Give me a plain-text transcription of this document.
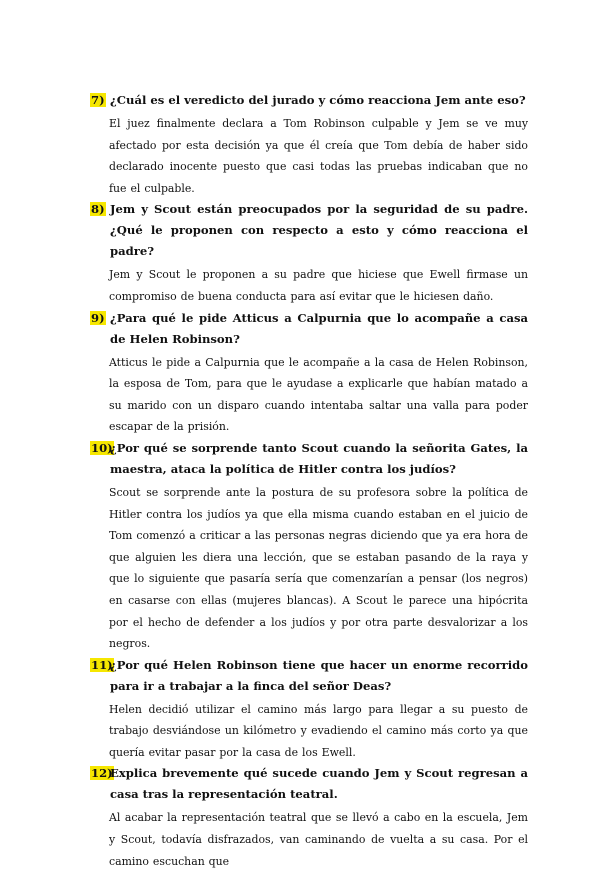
7) ¿Cuál es el veredicto del jurado y cómo reacciona Jem ante eso?
El juez finalmente declara a Tom Robinson culpable y Jem se ve muy afectado por esta decisión ya que él creía que Tom debía de haber sido declarado inocente puesto que casi todas las pruebas indicaban que no fue el culpable.
8) Jem y Scout están preocupados por la seguridad de su padre. ¿Qué le proponen con respecto a esto y cómo reacciona el padre?
Jem y Scout le proponen a su padre que hiciese que Ewell firmase un compromiso de buena conducta para así evitar que le hiciesen daño.
9) ¿Para qué le pide Atticus a Calpurnia que lo acompañe a casa de Helen Robinson?
Atticus le pide a Calpurnia que le acompañe a la casa de Helen Robinson, la esposa de Tom, para que le ayudase a explicarle que habían matado a su marido con un disparo cuando intentaba saltar una valla para poder escapar de la prisión.
10)
¿Por qué se sorprende tanto Scout cuando la señorita Gates, la maestra, ataca la política de Hitler contra los judíos?
Scout se sorprende ante la postura de su profesora sobre la política de Hitler contra los judíos ya que ella misma cuando estaban en el juicio de Tom comenzó a criticar a las personas negras diciendo que ya era hora de que alguien les diera una lección, que se estaban pasando de la raya y que lo siguiente que pasaría sería que comenzarían a pensar (los negros) en casarse con ellas (mujeres blancas). A Scout le parece una hipócrita por el hecho de defender a los judíos y por otra parte desvalorizar a los negros.
11)
¿Por qué Helen Robinson tiene que hacer un enorme recorrido para ir a trabajar a la finca del señor Deas?
Helen decidió utilizar el camino más largo para llegar a su puesto de trabajo desviándose un kilómetro y evadiendo el camino más corto ya que quería evitar pasar por la casa de los Ewell.
12)
Explica brevemente qué sucede cuando Jem y Scout regresan a casa tras la representación teatral.
Al acabar la representación teatral que se llevó a cabo en la escuela, Jem y Scout, todavía disfrazados, van caminando de vuelta a su casa. Por el camino escuchan que
